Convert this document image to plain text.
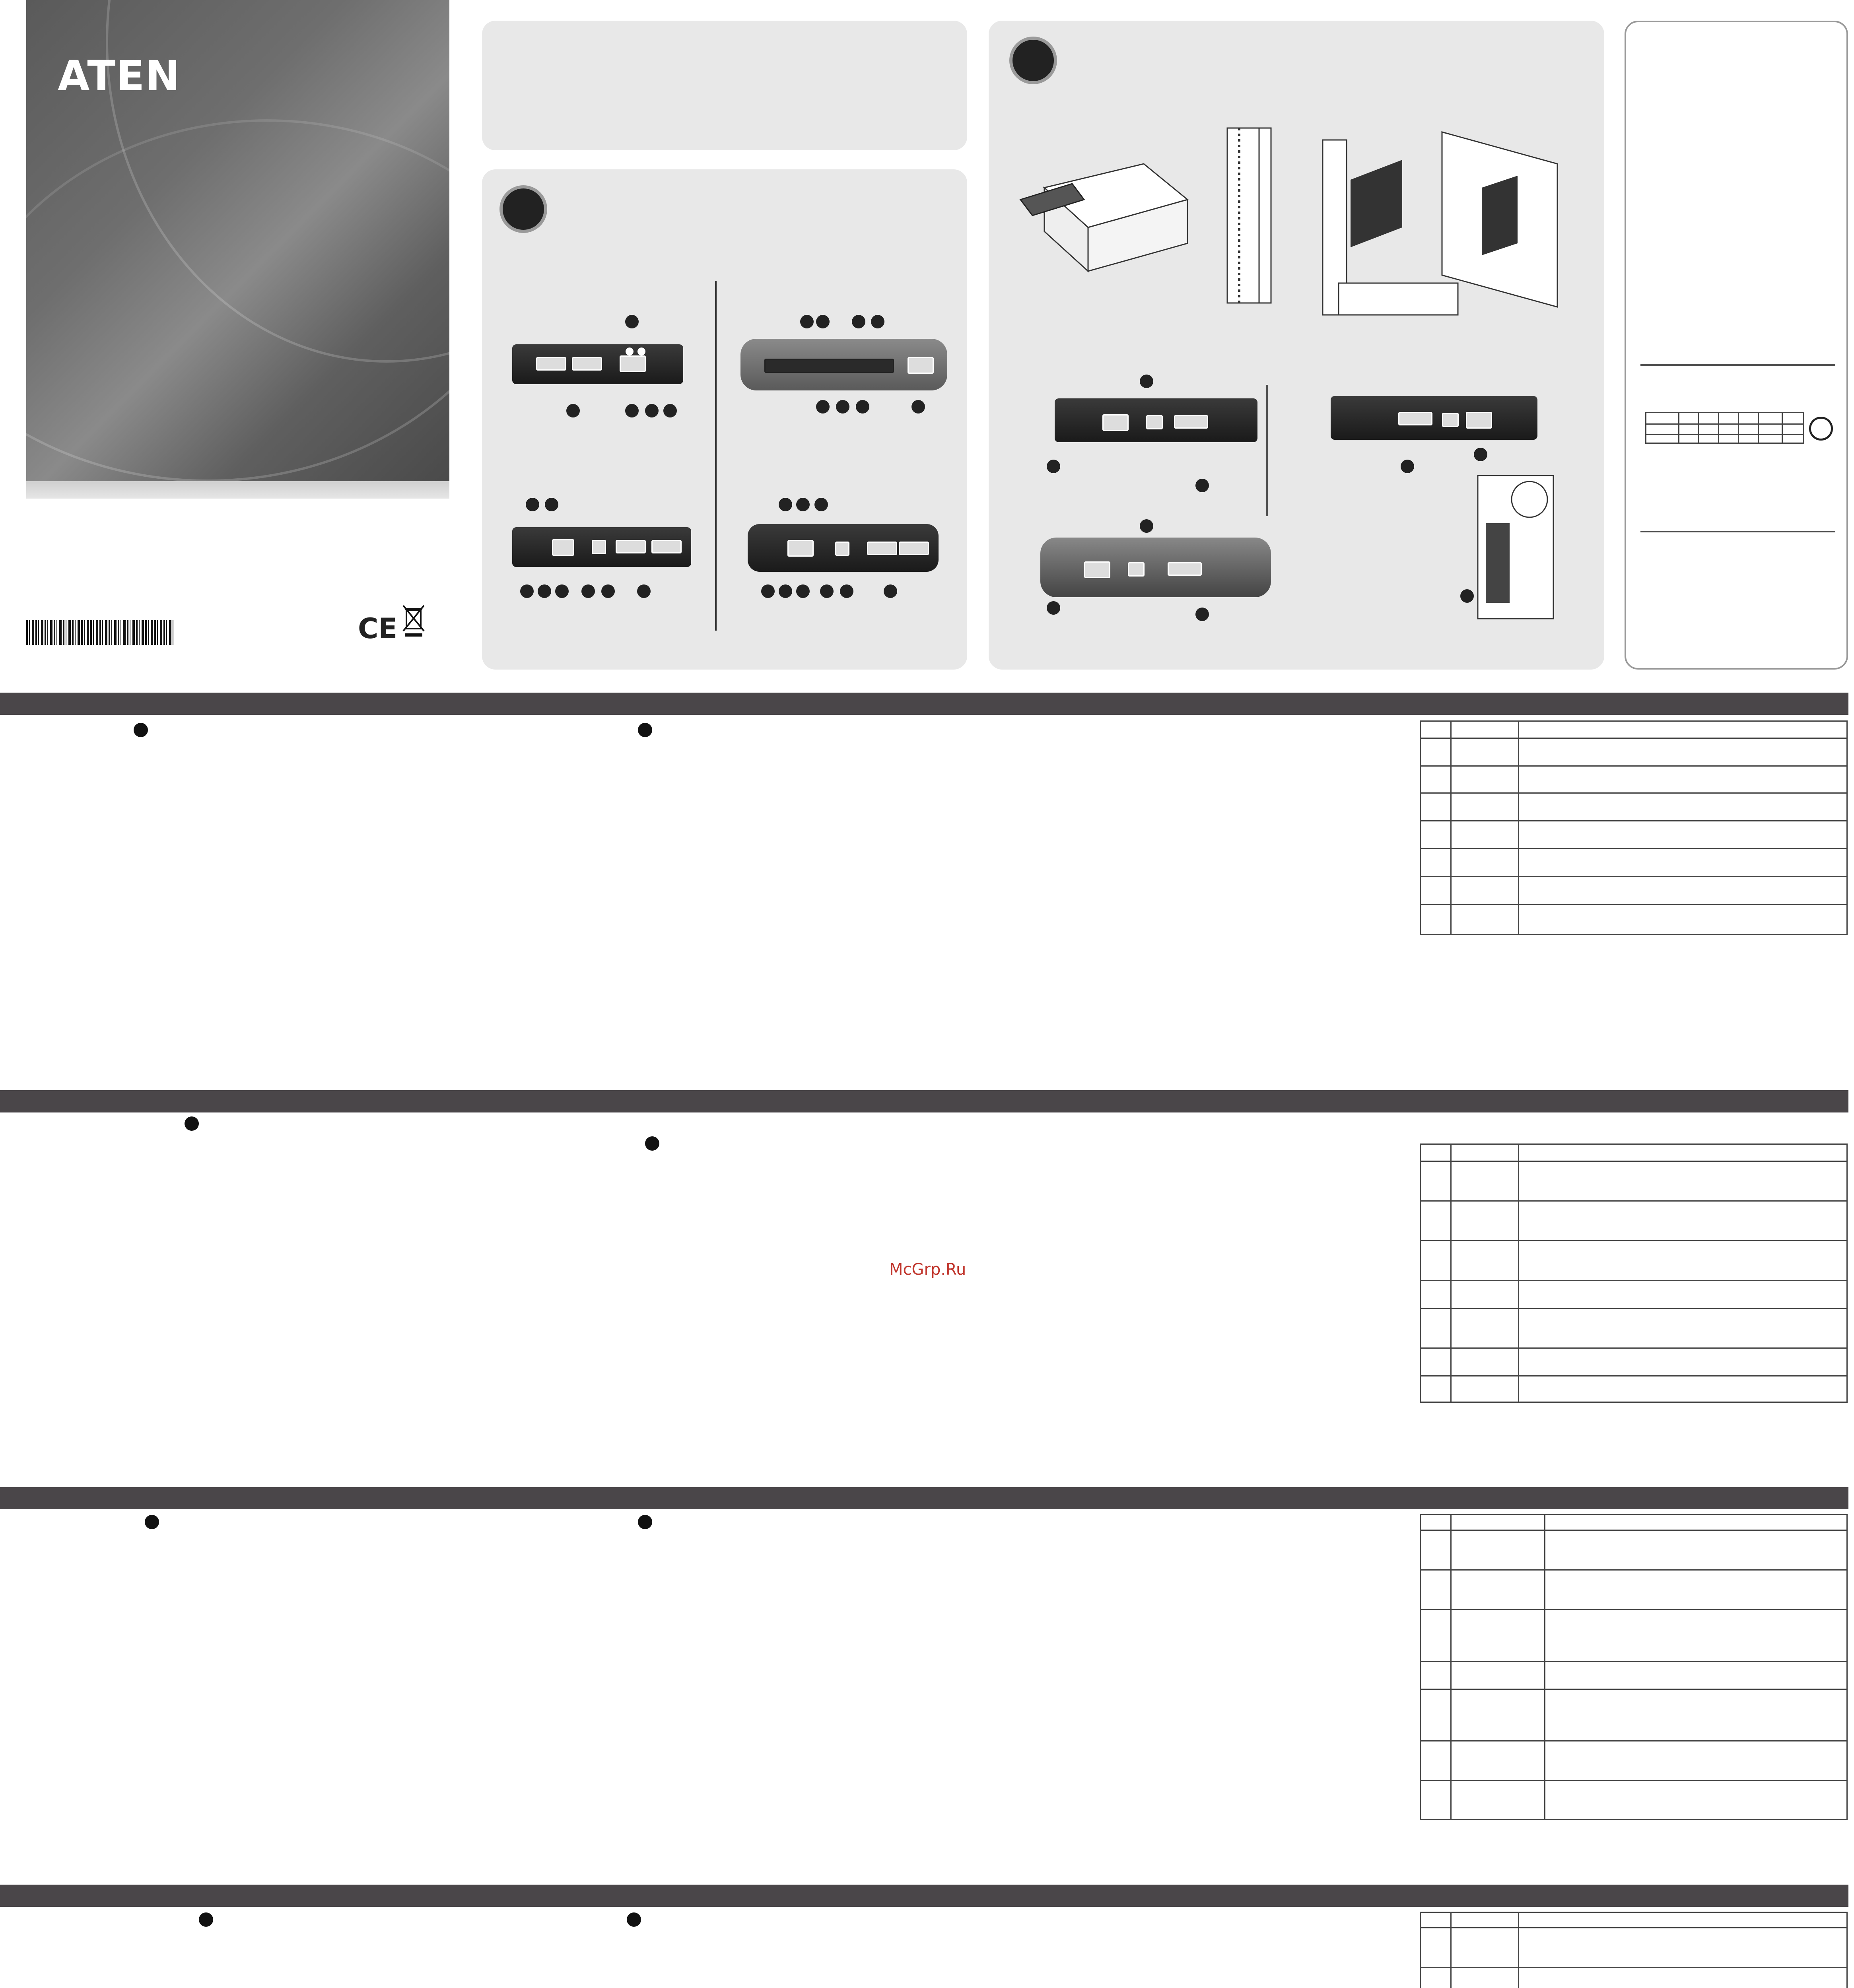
ATEN
CE
McGrp.Ru
